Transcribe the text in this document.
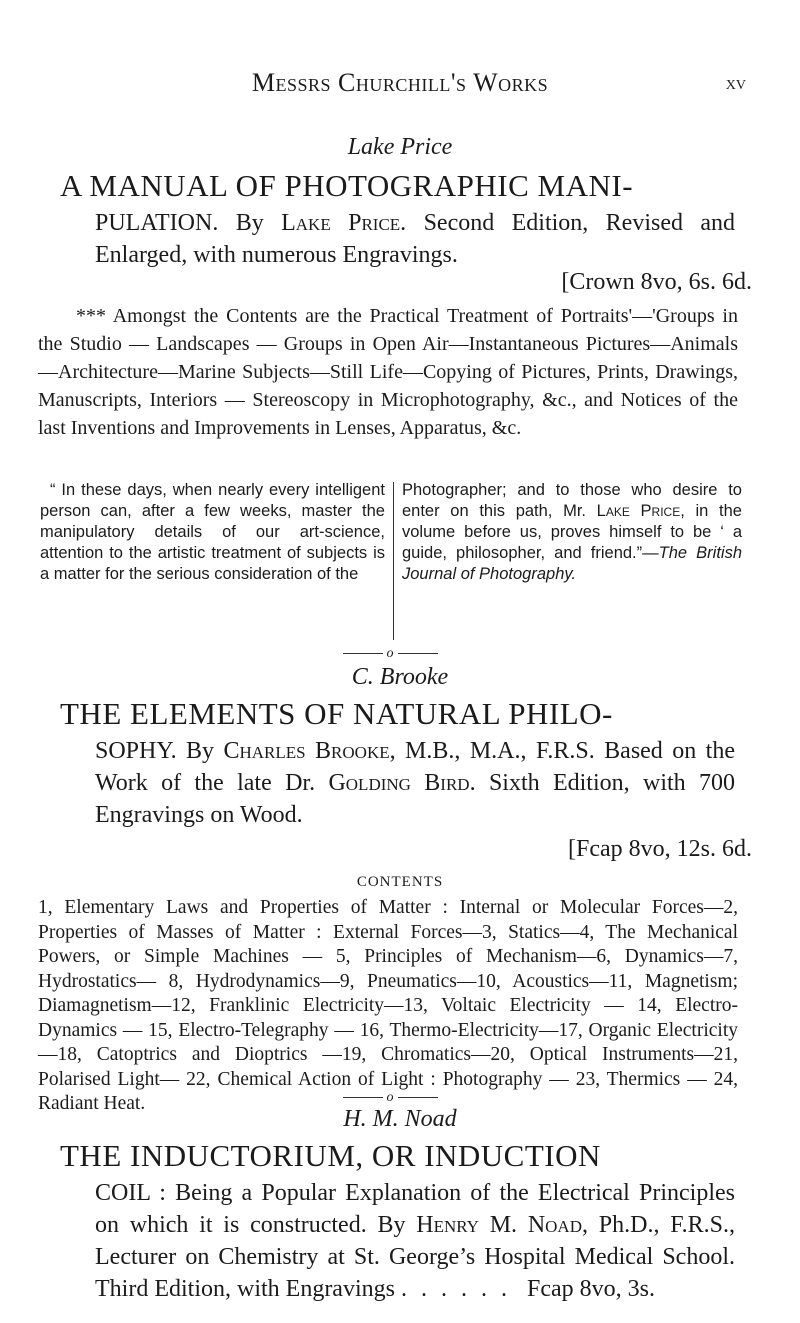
Messrs Churchill's Works	xv
Lake Price
A MANUAL OF PHOTOGRAPHIC MANI-
PULATION. By Lake Price. Second Edition, Revised and Enlarged, with numerous Engravings.
[Crown 8vo, 6s. 6d.
*** Amongst the Contents are the Practical Treatment of Portraits'—'Groups in the Studio — Landscapes — Groups in Open Air—Instantaneous Pictures—Animals—Architecture—Marine Subjects—Still Life—Copying of Pictures, Prints, Drawings, Manuscripts, Interiors — Stereoscopy in Microphotography, &c., and Notices of the last Inventions and Improvements in Lenses, Apparatus, &c.
“ In these days, when nearly every intelligent person can, after a few weeks, master the manipulatory details of our art-science, attention to the artistic treatment of subjects is a matter for the serious consideration of the
Photographer; and to those who desire to enter on this path, Mr. Lake Price, in the volume before us, proves himself to be ‘ a guide, philosopher, and friend.”—The British Journal of Photography.
o
C. Brooke
THE ELEMENTS OF NATURAL PHILO-
SOPHY. By Charles Brooke, M.B., M.A., F.R.S. Based on the Work of the late Dr. Golding Bird. Sixth Edition, with 700 Engravings on Wood.
[Fcap 8vo, 12s. 6d.
CONTENTS
1, Elementary Laws and Properties of Matter : Internal or Molecular Forces—2, Properties of Masses of Matter : External Forces—3, Statics—4, The Mechanical Powers, or Simple Machines — 5, Principles of Mechanism—6, Dynamics—7, Hydrostatics— 8, Hydrodynamics—9, Pneumatics—10, Acoustics—11, Magnetism; Diamagnetism—12, Franklinic Electricity—13, Voltaic Electricity — 14, Electro-Dynamics — 15, Electro-Telegraphy — 16, Thermo-Electricity—17, Organic Electricity—18, Catoptrics and Dioptrics —19, Chromatics—20, Optical Instruments—21, Polarised Light— 22, Chemical Action of Light : Photography — 23, Thermics — 24, Radiant Heat.	o
H. M. Noad
THE INDUCTORIUM, OR INDUCTION
COIL : Being a Popular Explanation of the Electrical Principles on which it is constructed. By Henry M. Noad, Ph.D., F.R.S., Lecturer on Chemistry at St. George’s Hospital Medical School. Third Edition, with Engravings ...... Fcap 8vo, 3s.
